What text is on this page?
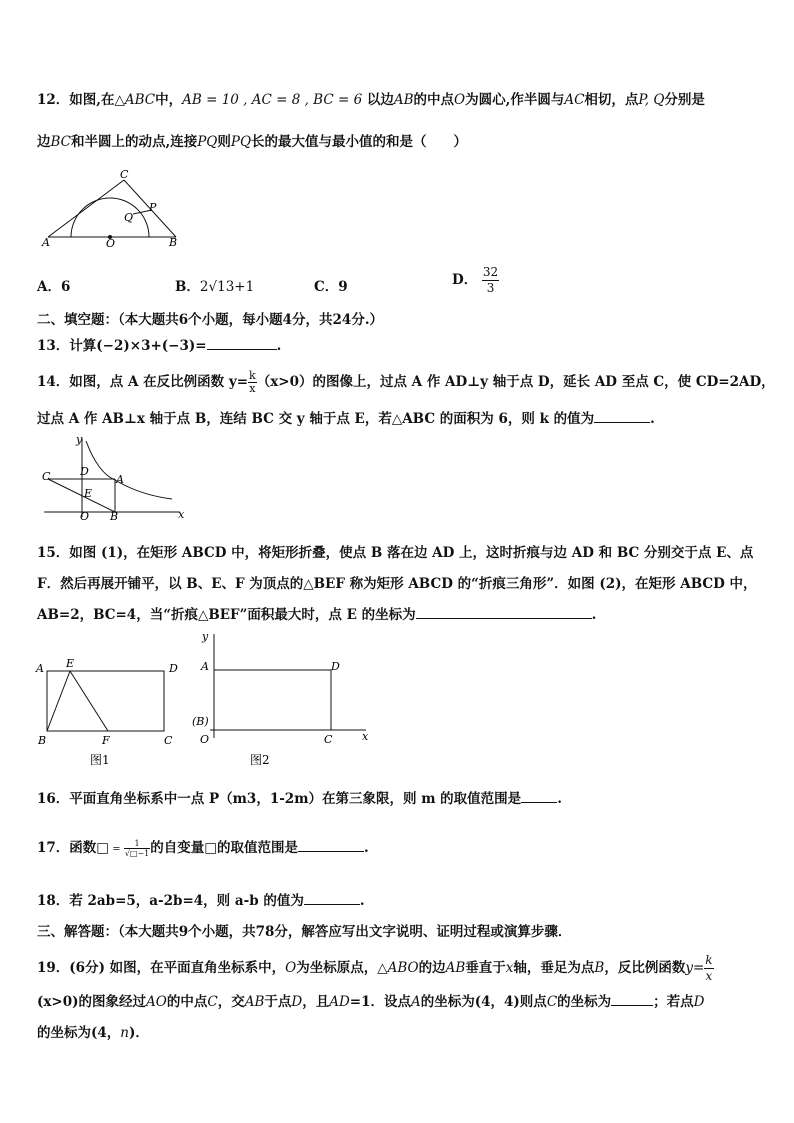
12．如图,在△ABC中，AB = 10 , AC = 8 , BC = 6 以边AB的中点O为圆心,作半圆与AC相切，点P, Q分别是
边BC和半圆上的动点,连接PQ则PQ长的最大值与最小值的和是（　　）
A	O	B
C
P
Q
A．6	B．2√13+1	C．9	D． $\frac{32}{3}$
二、填空题：（本大题共6个小题，每小题4分，共24分.）
13．计算(−2)×3+(−3)=	.
14．如图，点 A 在反比例函数 $y= \frac{k}{x} (x>0)$的图像上，过点 A 作 AD⊥y 轴于点 D，延长 AD 至点 C，使 CD=2AD，
过点 A 作 AB⊥x 轴于点 B，连结 BC 交 y 轴于点 E，若△ABC 的面积为 6，则 k 的值为	.
y
x
C	D
A
E
O B
15．如图 (1)，在矩形 ABCD 中，将矩形折叠，使点 B 落在边 AD 上，这时折痕与边 AD 和 BC 分别交于点 E、点
F．然后再展开铺平，以 B、E、F 为顶点的△BEF 称为矩形 ABCD 的“折痕三角形”．如图 (2)，在矩形 ABCD 中，
AB=2，BC=4，当“折痕△BEF”面积最大时，点 E 的坐标为	.
A E	D
B	F	C
图1
y
A	D
(B)
O	C	x
图2
16．平面直角坐标系中一点 P（m3，1-2m）在第三象限，则 m 的取值范围是	.
17．函数□ = $\frac{1}{√□-1}$ 的自变量□的取值范围是	.
18．若 2ab=5，a-2b=4，则 a-b 的值为	.
三、解答题：（本大题共9个小题，共78分，解答应写出文字说明、证明过程或演算步骤．
19．(6分) 如图，在平面直角坐标系中，O为坐标原点，△ABO的边AB垂直于x轴，垂足为点B，反比例函数$y= \frac{k}{x}$
(x>0)的图象经过AO的中点C，交AB于点D，且AD=1．设点A的坐标为(4，4)则点C的坐标为	；若点D
的坐标为(4，n)．
